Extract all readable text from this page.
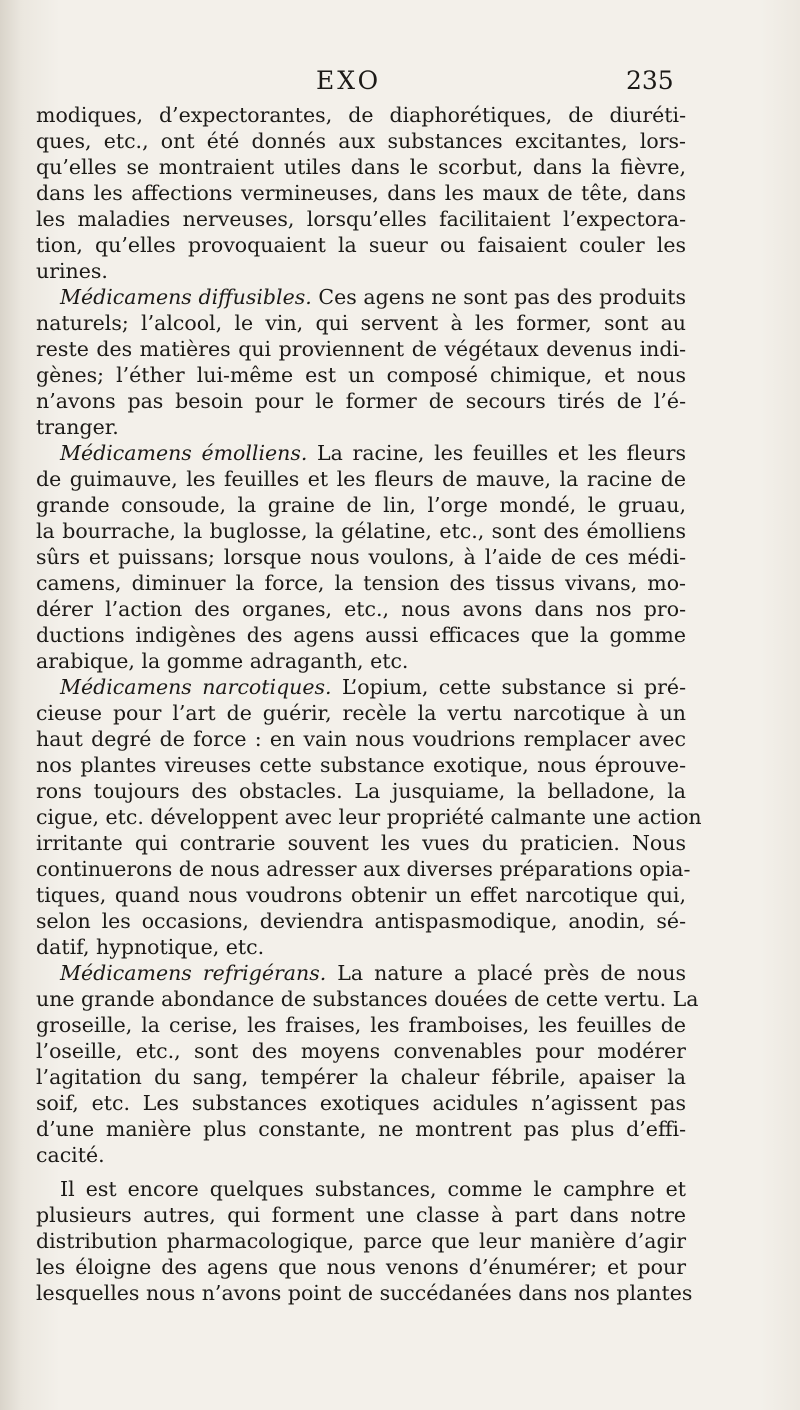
EXO	235
modiques, d’expectorantes, de diaphorétiques, de diuréti-
ques, etc., ont été donnés aux substances excitantes, lors-
qu’elles se montraient utiles dans le scorbut, dans la fièvre,
dans les affections vermineuses, dans les maux de tête, dans
les maladies nerveuses, lorsqu’elles facilitaient l’expectora-
tion, qu’elles provoquaient la sueur ou faisaient couler les
urines.
Médicamens diffusibles. Ces agens ne sont pas des produits
naturels; l’alcool, le vin, qui servent à les former, sont au
reste des matières qui proviennent de végétaux devenus indi-
gènes; l’éther lui-même est un composé chimique, et nous
n’avons pas besoin pour le former de secours tirés de l’é-
tranger.
Médicamens émolliens. La racine, les feuilles et les fleurs
de guimauve, les feuilles et les fleurs de mauve, la racine de
grande consoude, la graine de lin, l’orge mondé, le gruau,
la bourrache, la buglosse, la gélatine, etc., sont des émolliens
sûrs et puissans; lorsque nous voulons, à l’aide de ces médi-
camens, diminuer la force, la tension des tissus vivans, mo-
dérer l’action des organes, etc., nous avons dans nos pro-
ductions indigènes des agens aussi efficaces que la gomme
arabique, la gomme adraganth, etc.
Médicamens narcotiques. L’opium, cette substance si pré-
cieuse pour l’art de guérir, recèle la vertu narcotique à un
haut degré de force : en vain nous voudrions remplacer avec
nos plantes vireuses cette substance exotique, nous éprouve-
rons toujours des obstacles. La jusquiame, la belladone, la
cigue, etc. développent avec leur propriété calmante une action
irritante qui contrarie souvent les vues du praticien. Nous
continuerons de nous adresser aux diverses préparations opia-
tiques, quand nous voudrons obtenir un effet narcotique qui,
selon les occasions, deviendra antispasmodique, anodin, sé-
datif, hypnotique, etc.
Médicamens refrigérans. La nature a placé près de nous
une grande abondance de substances douées de cette vertu. La
groseille, la cerise, les fraises, les framboises, les feuilles de
l’oseille, etc., sont des moyens convenables pour modérer
l’agitation du sang, tempérer la chaleur fébrile, apaiser la
soif, etc. Les substances exotiques acidules n’agissent pas
d’une manière plus constante, ne montrent pas plus d’effi-
cacité.
Il est encore quelques substances, comme le camphre et
plusieurs autres, qui forment une classe à part dans notre
distribution pharmacologique, parce que leur manière d’agir
les éloigne des agens que nous venons d’énumérer; et pour
lesquelles nous n’avons point de succédanées dans nos plantes
